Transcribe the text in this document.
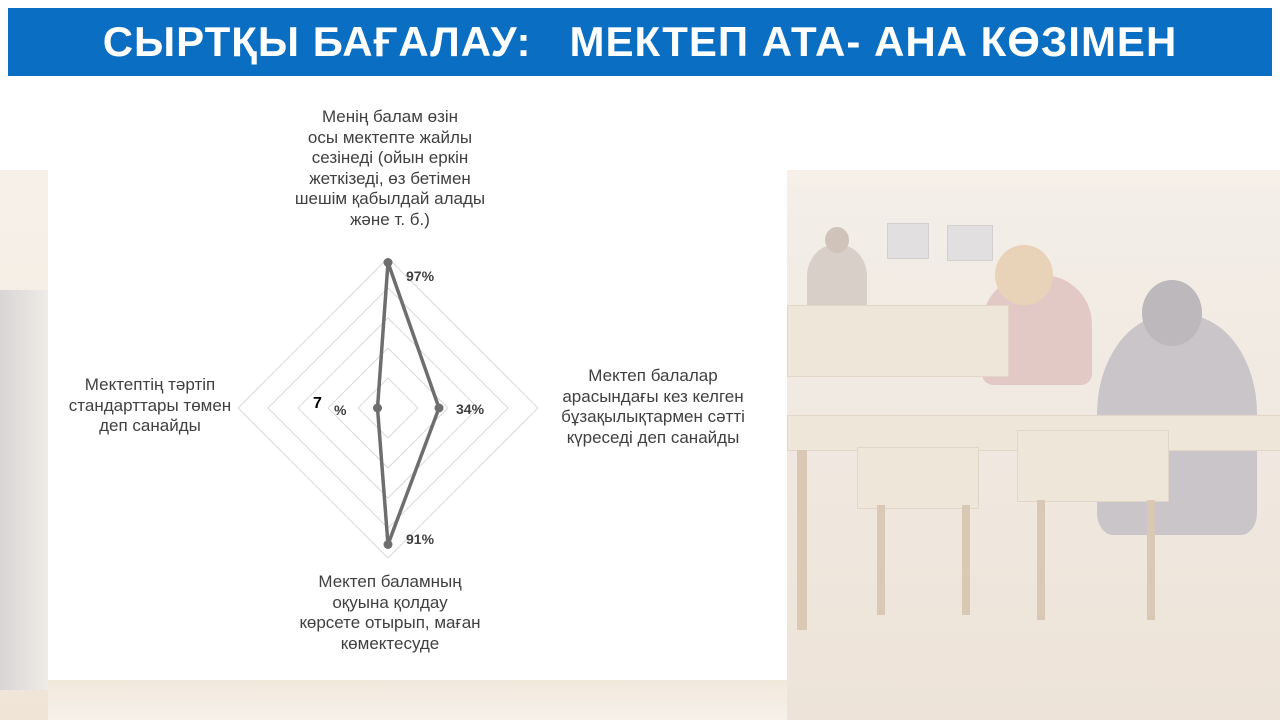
СЫРТҚЫ БАҒАЛАУ:   МЕКТЕП АТА- АНА КӨЗІМЕН
Менің балам өзін
осы мектепте жайлы
сезінеді (ойын еркін
жеткізеді, өз бетімен
шешім қабылдай алады
және т. б.)
Мектеп балалар
арасындағы кез келген
бұзақылықтармен сәтті
күреседі деп санайды
Мектеп баламның
оқуына қолдау
көрсете отырып, маған
көмектесуде
Мектептің тәртіп
стандарттары төмен
деп санайды
97%
34%
91%
%
7
